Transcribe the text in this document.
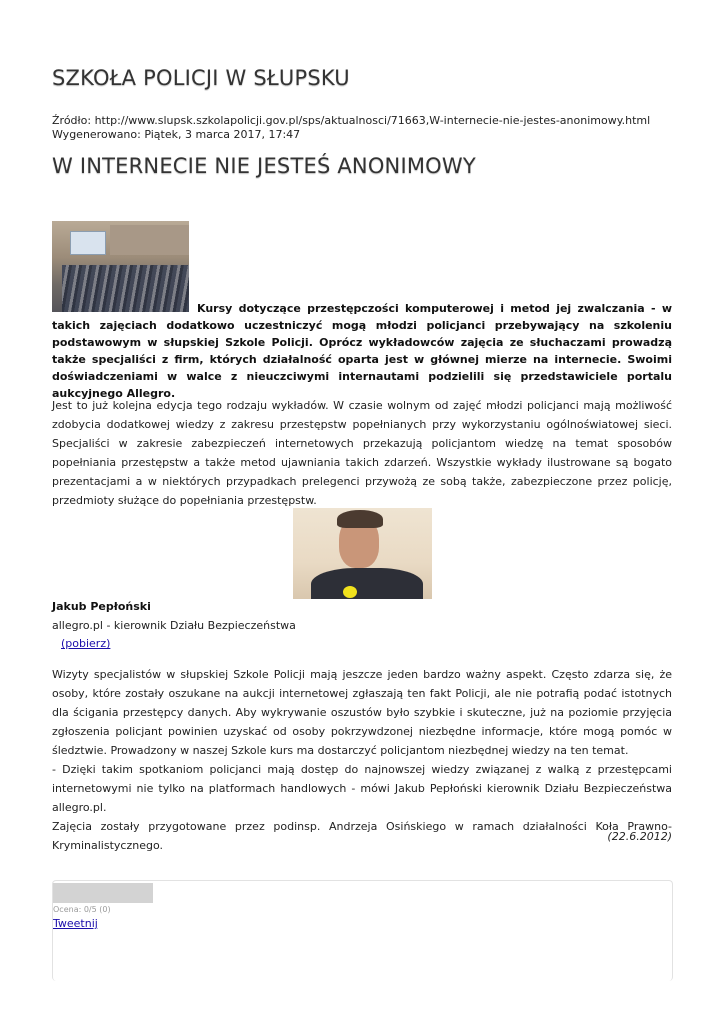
SZKOŁA POLICJI W SŁUPSKU
Źródło: http://www.slupsk.szkolapolicji.gov.pl/sps/aktualnosci/71663,W-internecie-nie-jestes-anonimowy.html
Wygenerowano: Piątek, 3 marca 2017, 17:47
W INTERNECIE NIE JESTEŚ ANONIMOWY
Kursy dotyczące przestępczości komputerowej i metod jej zwalczania - w takich zajęciach dodatkowo uczestniczyć mogą młodzi policjanci przebywający na szkoleniu podstawowym w słupskiej Szkole Policji. Oprócz wykładowców zajęcia ze słuchaczami prowadzą także specjaliści z firm, których działalność oparta jest w głównej mierze na internecie. Swoimi doświadczeniami w walce z nieuczciwymi internautami podzielili się przedstawiciele portalu aukcyjnego Allegro.

Jest to już kolejna edycja tego rodzaju wykładów. W czasie wolnym od zajęć młodzi policjanci mają możliwość zdobycia dodatkowej wiedzy z zakresu przestępstw popełnianych przy wykorzystaniu ogólnoświatowej sieci. Specjaliści w zakresie zabezpieczeń internetowych przekazują policjantom wiedzę na temat sposobów popełniania przestępstw a także metod ujawniania takich zdarzeń. Wszystkie wykłady ilustrowane są bogato prezentacjami a w niektórych przypadkach prelegenci przywożą ze sobą także, zabezpieczone przez policję, przedmioty służące do popełniania przestępstw.

Jakub Pepłoński
allegro.pl - kierownik Działu Bezpieczeństwa
(pobierz)
Wizyty specjalistów w słupskiej Szkole Policji mają jeszcze jeden bardzo ważny aspekt. Często zdarza się, że osoby, które zostały oszukane na aukcji internetowej zgłaszają ten fakt Policji, ale nie potrafią podać istotnych dla ścigania przestępcy danych. Aby wykrywanie oszustów było szybkie i skuteczne, już na poziomie przyjęcia zgłoszenia policjant powinien uzyskać od osoby pokrzywdzonej niezbędne informacje, które mogą pomóc w śledztwie. Prowadzony w naszej Szkole kurs ma dostarczyć policjantom niezbędnej wiedzy na ten temat.
- Dzięki takim spotkaniom policjanci mają dostęp do najnowszej wiedzy związanej z walką z przestępcami internetowymi nie tylko na platformach handlowych - mówi Jakub Pepłoński kierownik Działu Bezpieczeństwa allegro.pl.
Zajęcia zostały przygotowane przez podinsp. Andrzeja Osińskiego w ramach działalności Koła Prawno-Kryminalistycznego.
(22.6.2012)
Ocena: 0/5 (0)
Tweetnij
